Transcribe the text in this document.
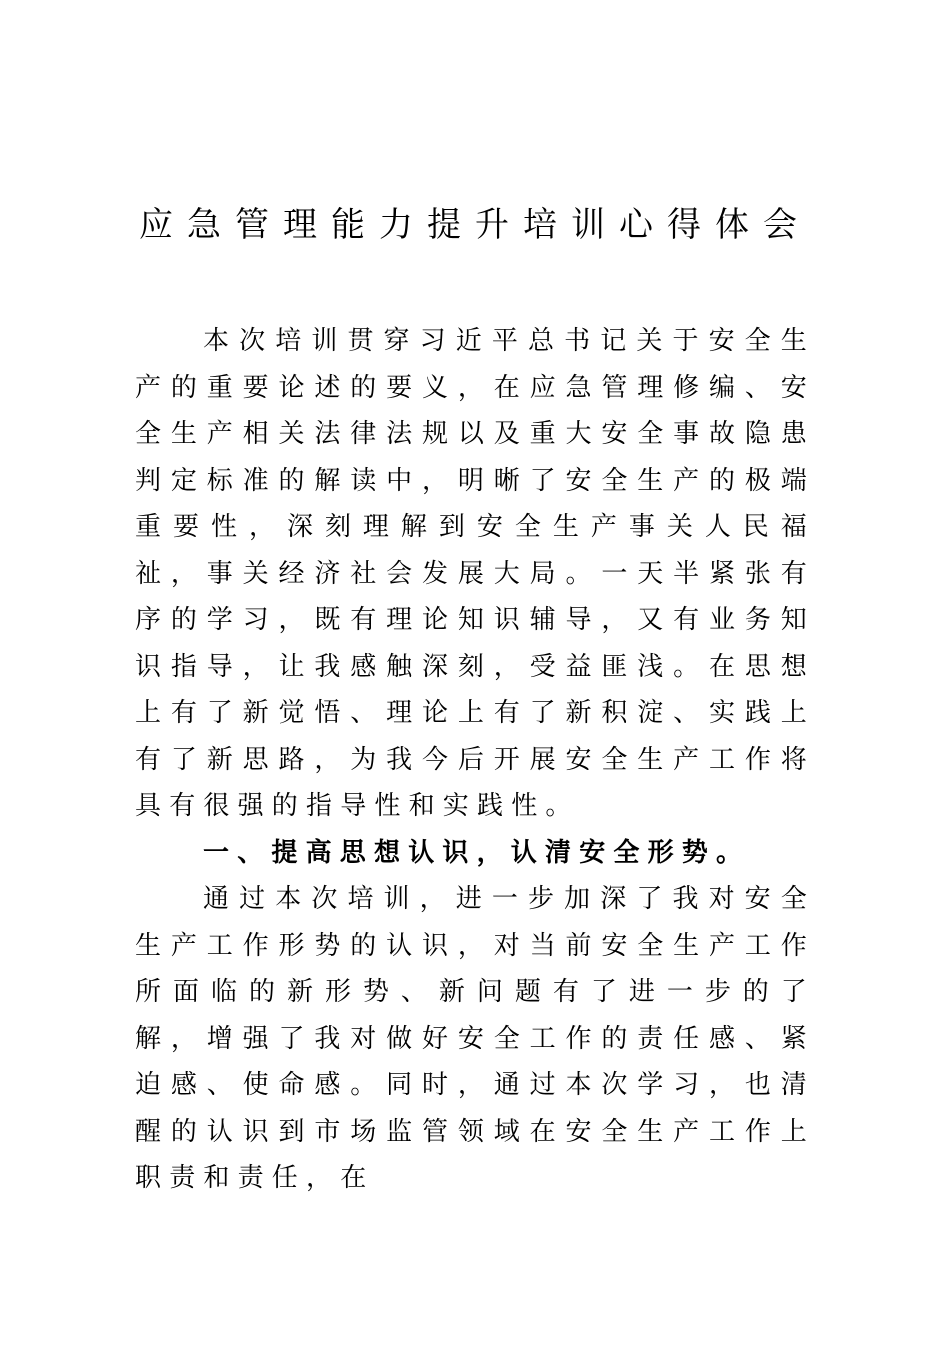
应急管理能力提升培训心得体会

本次培训贯穿习近平总书记关于安全生产的重要论述的要义，在应急管理修编、安全生产相关法律法规以及重大安全事故隐患判定标准的解读中，明晰了安全生产的极端重要性，深刻理解到安全生产事关人民福祉，事关经济社会发展大局。一天半紧张有序的学习，既有理论知识辅导，又有业务知识指导，让我感触深刻，受益匪浅。在思想上有了新觉悟、理论上有了新积淀、实践上有了新思路，为我今后开展安全生产工作将具有很强的指导性和实践性。

一、提高思想认识，认清安全形势。

通过本次培训，进一步加深了我对安全生产工作形势的认识，对当前安全生产工作所面临的新形势、新问题有了进一步的了解，增强了我对做好安全工作的责任感、紧迫感、使命感。同时，通过本次学习，也清醒的认识到市场监管领域在安全生产工作上职责和责任，在
